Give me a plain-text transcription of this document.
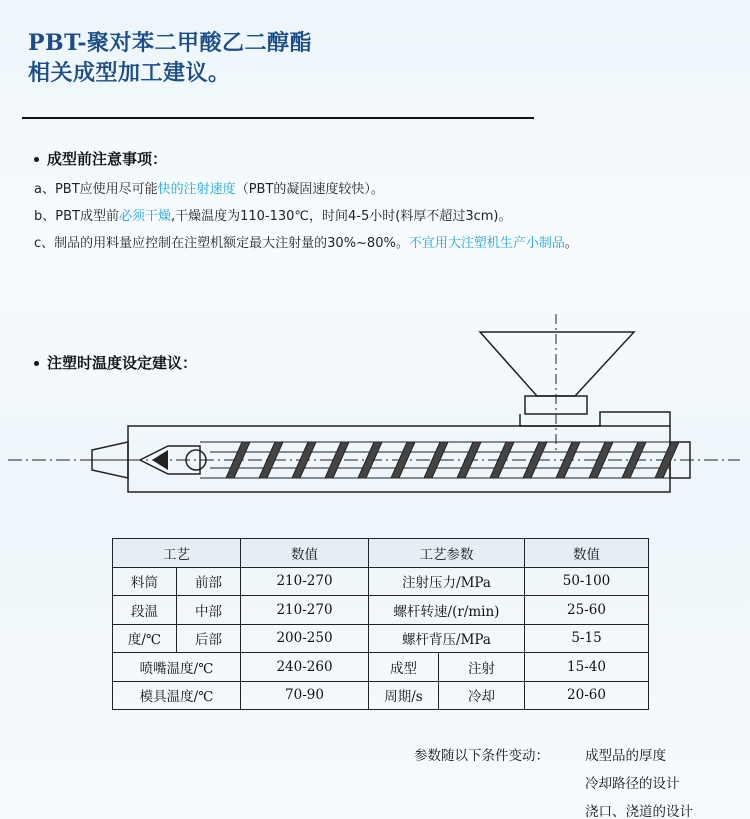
PBT-聚对苯二甲酸乙二醇酯
相关成型加工建议。
成型前注意事项：
a、PBT应使用尽可能快的注射速度（PBT的凝固速度较快）。
b、PBT成型前必须干燥,干燥温度为110-130℃，时间4-5小时(料厚不超过3cm)。
c、制品的用料量应控制在注塑机额定最大注射量的30%~80%。不宜用大注塑机生产小制品。
注塑时温度设定建议：
工艺		数值	工艺参数		数值
料筒	前部	210-270	注射压力/MPa		50-100
段温	中部	210-270	螺杆转速/(r/min)		25-60
度/℃	后部	200-250	螺杆背压/MPa		5-15
喷嘴温度/℃		240-260	成型	注射	15-40
模具温度/℃		70-90	周期/s	冷却	20-60
参数随以下条件变动：	成型品的厚度
冷却路径的设计
浇口、浇道的设计
